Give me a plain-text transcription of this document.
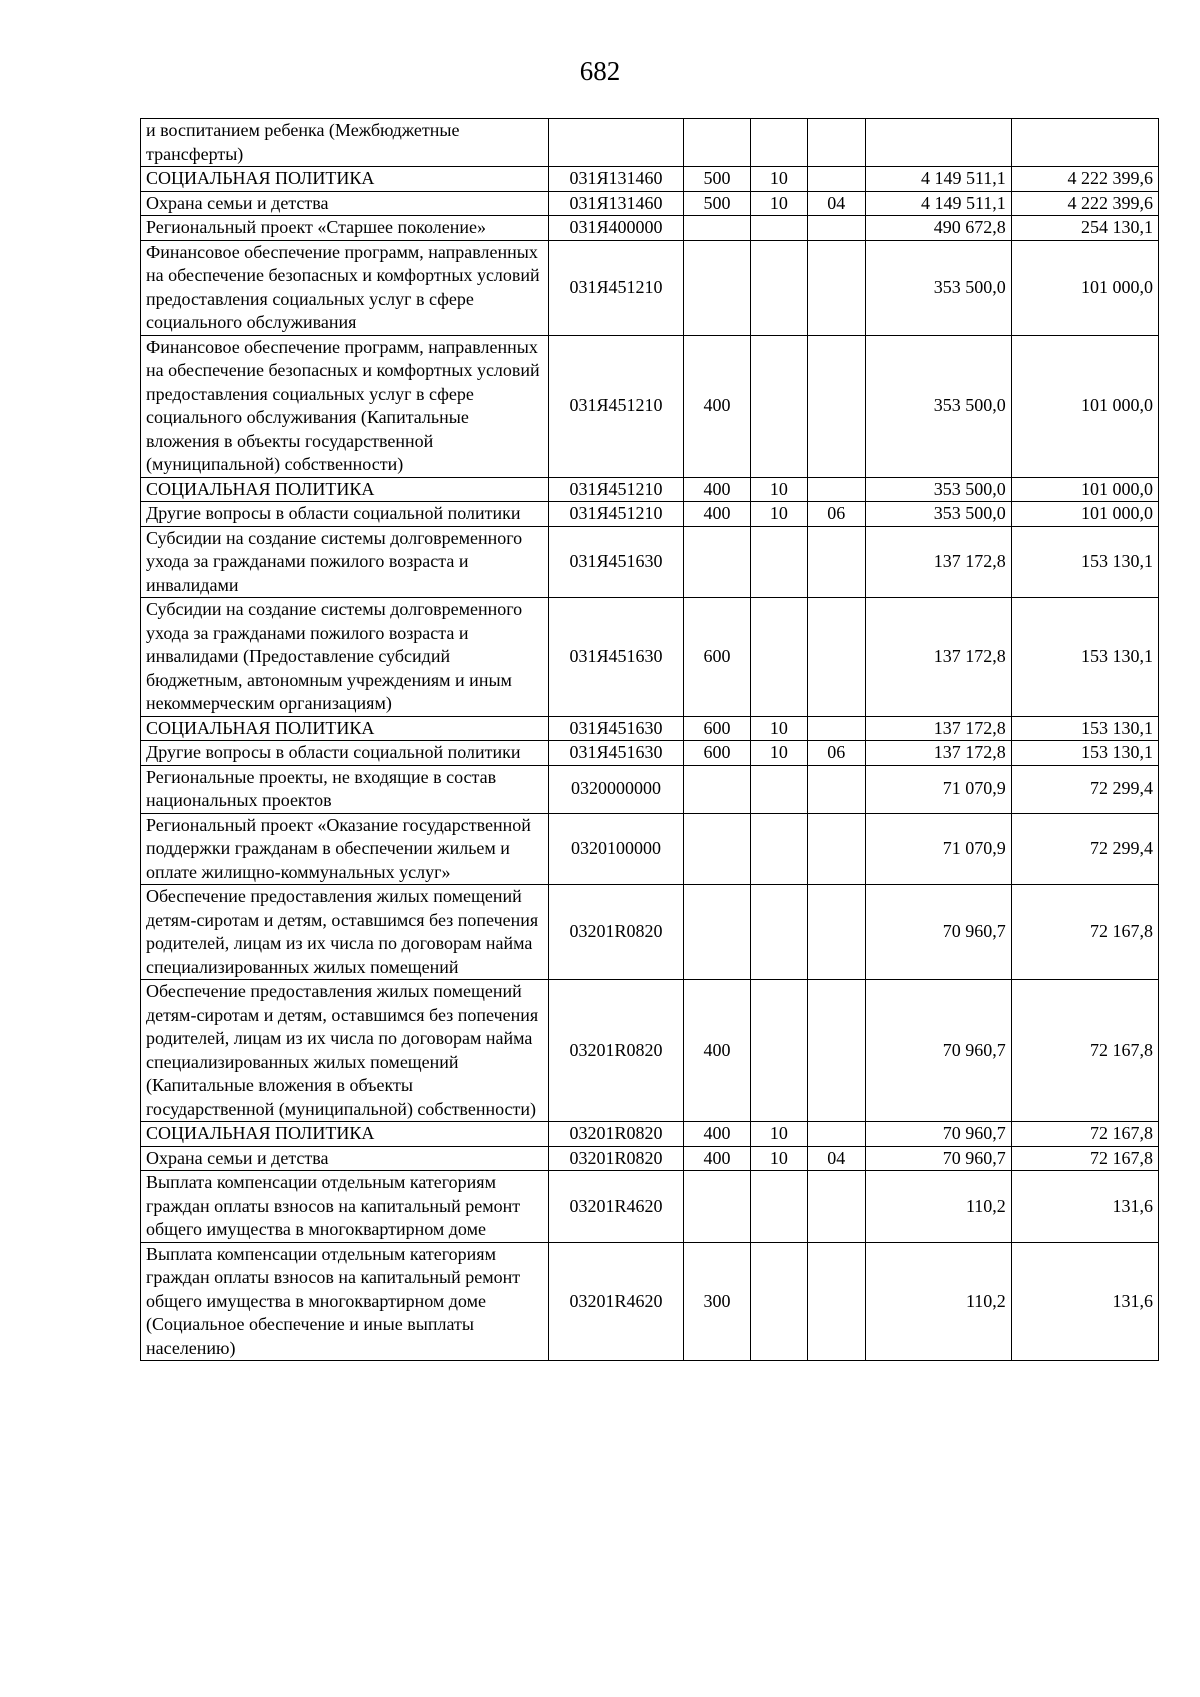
682
и воспитанием ребенка (Межбюджетные трансферты)						
СОЦИАЛЬНАЯ ПОЛИТИКА	031Я131460	500	10		4 149 511,1	4 222 399,6
Охрана семьи и детства	031Я131460	500	10	04	4 149 511,1	4 222 399,6
Региональный проект «Старшее поколение»	031Я400000				490 672,8	254 130,1
Финансовое обеспечение программ, направленных на обеспечение безопасных и комфортных условий предоставления социальных услуг в сфере социального обслуживания	031Я451210				353 500,0	101 000,0
Финансовое обеспечение программ, направленных на обеспечение безопасных и комфортных условий предоставления социальных услуг в сфере социального обслуживания (Капитальные вложения в объекты государственной (муниципальной) собственности)	031Я451210	400			353 500,0	101 000,0
СОЦИАЛЬНАЯ ПОЛИТИКА	031Я451210	400	10		353 500,0	101 000,0
Другие вопросы в области социальной политики	031Я451210	400	10	06	353 500,0	101 000,0
Субсидии на создание системы долговременного ухода за гражданами пожилого возраста и инвалидами	031Я451630				137 172,8	153 130,1
Субсидии на создание системы долговременного ухода за гражданами пожилого возраста и инвалидами (Предоставление субсидий бюджетным, автономным учреждениям и иным некоммерческим организациям)	031Я451630	600			137 172,8	153 130,1
СОЦИАЛЬНАЯ ПОЛИТИКА	031Я451630	600	10		137 172,8	153 130,1
Другие вопросы в области социальной политики	031Я451630	600	10	06	137 172,8	153 130,1
Региональные проекты, не входящие в состав национальных проектов	0320000000				71 070,9	72 299,4
Региональный проект «Оказание государственной поддержки гражданам в обеспечении жильем и оплате жилищно-коммунальных услуг»	0320100000				71 070,9	72 299,4
Обеспечение предоставления жилых помещений детям-сиротам и детям, оставшимся без попечения родителей, лицам из их числа по договорам найма специализированных жилых помещений	03201R0820				70 960,7	72 167,8
Обеспечение предоставления жилых помещений детям-сиротам и детям, оставшимся без попечения родителей, лицам из их числа по договорам найма специализированных жилых помещений (Капитальные вложения в объекты государственной (муниципальной) собственности)	03201R0820	400			70 960,7	72 167,8
СОЦИАЛЬНАЯ ПОЛИТИКА	03201R0820	400	10		70 960,7	72 167,8
Охрана семьи и детства	03201R0820	400	10	04	70 960,7	72 167,8
Выплата компенсации отдельным категориям граждан оплаты взносов на капитальный ремонт общего имущества в многоквартирном доме	03201R4620				110,2	131,6
Выплата компенсации отдельным категориям граждан оплаты взносов на капитальный ремонт общего имущества в многоквартирном доме (Социальное обеспечение и иные выплаты населению)	03201R4620	300			110,2	131,6
